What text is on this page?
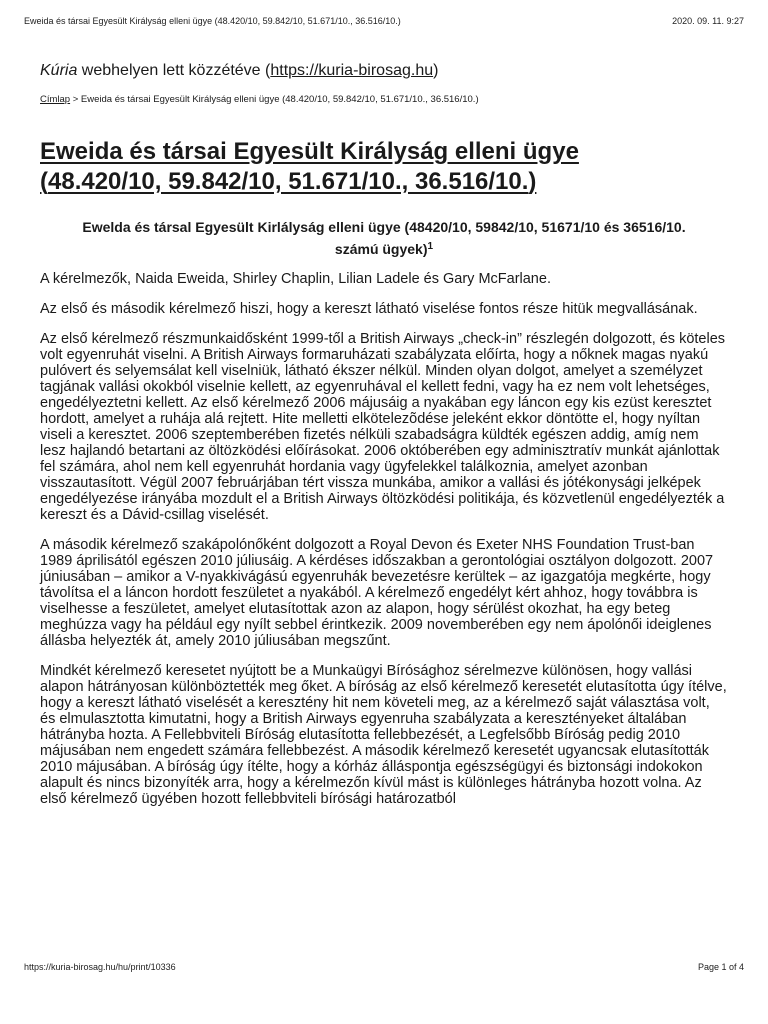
Eweida és társai Egyesült Királyság elleni ügye (48.420/10, 59.842/10, 51.671/10., 36.516/10.)	2020. 09. 11. 9:27
Kúria webhelyen lett közzétéve (https://kuria-birosag.hu)
Címlap > Eweida és társai Egyesült Királyság elleni ügye (48.420/10, 59.842/10, 51.671/10., 36.516/10.)
Eweida és társai Egyesült Királyság elleni ügye
(48.420/10, 59.842/10, 51.671/10., 36.516/10.)
Ewelda és társal Egyesült Kirlályság elleni ügye (48420/10, 59842/10, 51671/10 és 36516/10. számú ügyek)$^1$

A kérelmezők, Naida Eweida, Shirley Chaplin, Lilian Ladele és Gary McFarlane.

Az első és második kérelmező hiszi, hogy a kereszt látható viselése fontos része hitük megvallásának.

Az első kérelmező részmunkaidősként 1999-től a British Airways „check-in” részlegén dolgozott, és köteles volt egyenruhát viselni. A British Airways formaruházati szabályzata előírta, hogy a nőknek magas nyakú pulóvert és selyemsálat kell viselniük, látható ékszer nélkül. Minden olyan dolgot, amelyet a személyzet tagjának vallási okokból viselnie kellett, az egyenruhával el kellett fedni, vagy ha ez nem volt lehetséges, engedélyeztetni kellett. Az első kérelmező 2006 májusáig a nyakában egy láncon egy kis ezüst keresztet hordott, amelyet a ruhája alá rejtett. Hite melletti elkötelezõdése jeleként ekkor döntötte el, hogy nyíltan viseli a keresztet. 2006 szeptemberében fizetés nélküli szabadságra küldték egészen addig, amíg nem lesz hajlandó betartani az öltözködési előírásokat. 2006 októberében egy adminisztratív munkát ajánlottak fel számára, ahol nem kell egyenruhát hordania vagy ügyfelekkel találkoznia, amelyet azonban visszautasított. Végül 2007 februárjában tért vissza munkába, amikor a vallási és jótékonysági jelképek engedélyezése irányába mozdult el a British Airways öltözködési politikája, és közvetlenül engedélyezték a kereszt és a Dávid-csillag viselését.

A második kérelmező szakápolónőként dolgozott a Royal Devon és Exeter NHS Foundation Trust-ban 1989 áprilisától egészen 2010 júliusáig. A kérdéses időszakban a gerontológiai osztályon dolgozott. 2007 júniusában – amikor a V-nyakkivágású egyenruhák bevezetésre kerültek – az igazgatója megkérte, hogy távolítsa el a láncon hordott feszületet a nyakából. A kérelmező engedélyt kért ahhoz, hogy továbbra is viselhesse a feszületet, amelyet elutasítottak azon az alapon, hogy sérülést okozhat, ha egy beteg meghúzza vagy ha például egy nyílt sebbel érintkezik. 2009 novemberében egy nem ápolónői ideiglenes állásba helyezték át, amely 2010 júliusában megszűnt.

Mindkét kérelmező keresetet nyújtott be a Munkaügyi Bírósághoz sérelmezve különösen, hogy vallási alapon hátrányosan különböztették meg őket. A bíróság az első kérelmező keresetét elutasította úgy ítélve, hogy a kereszt látható viselését a keresztény hit nem követeli meg, az a kérelmező saját választása volt, és elmulasztotta kimutatni, hogy a British Airways egyenruha szabályzata a keresztényeket általában hátrányba hozta. A Fellebbviteli Bíróság elutasította fellebbezését, a Legfelsőbb Bíróság pedig 2010 májusában nem engedett számára fellebbezést. A második kérelmező keresetét ugyancsak elutasították 2010 májusában. A bíróság úgy ítélte, hogy a kórház álláspontja egészségügyi és biztonsági indokokon alapult és nincs bizonyíték arra, hogy a kérelmezőn kívül mást is különleges hátrányba hozott volna. Az első kérelmező ügyében hozott fellebbviteli bírósági határozatból

https://kuria-birosag.hu/hu/print/10336	Page 1 of 4
